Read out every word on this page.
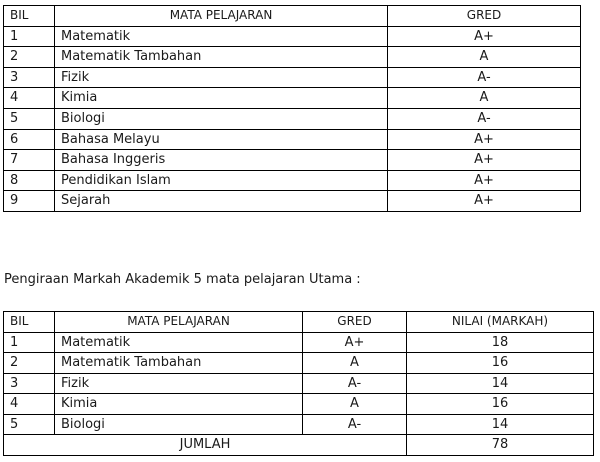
BIL	MATA PELAJARAN	GRED
1	Matematik	A+
2	Matematik Tambahan	A
3	Fizik	A-
4	Kimia	A
5	Biologi	A-
6	Bahasa Melayu	A+
7	Bahasa Inggeris	A+
8	Pendidikan Islam	A+
9	Sejarah	A+
Pengiraan Markah Akademik 5 mata pelajaran Utama :
BIL	MATA PELAJARAN	GRED	NILAI (MARKAH)
1	Matematik	A+	18
2	Matematik Tambahan	A	16
3	Fizik	A-	14
4	Kimia	A	16
5	Biologi	A-	14
JUMLAH			78
